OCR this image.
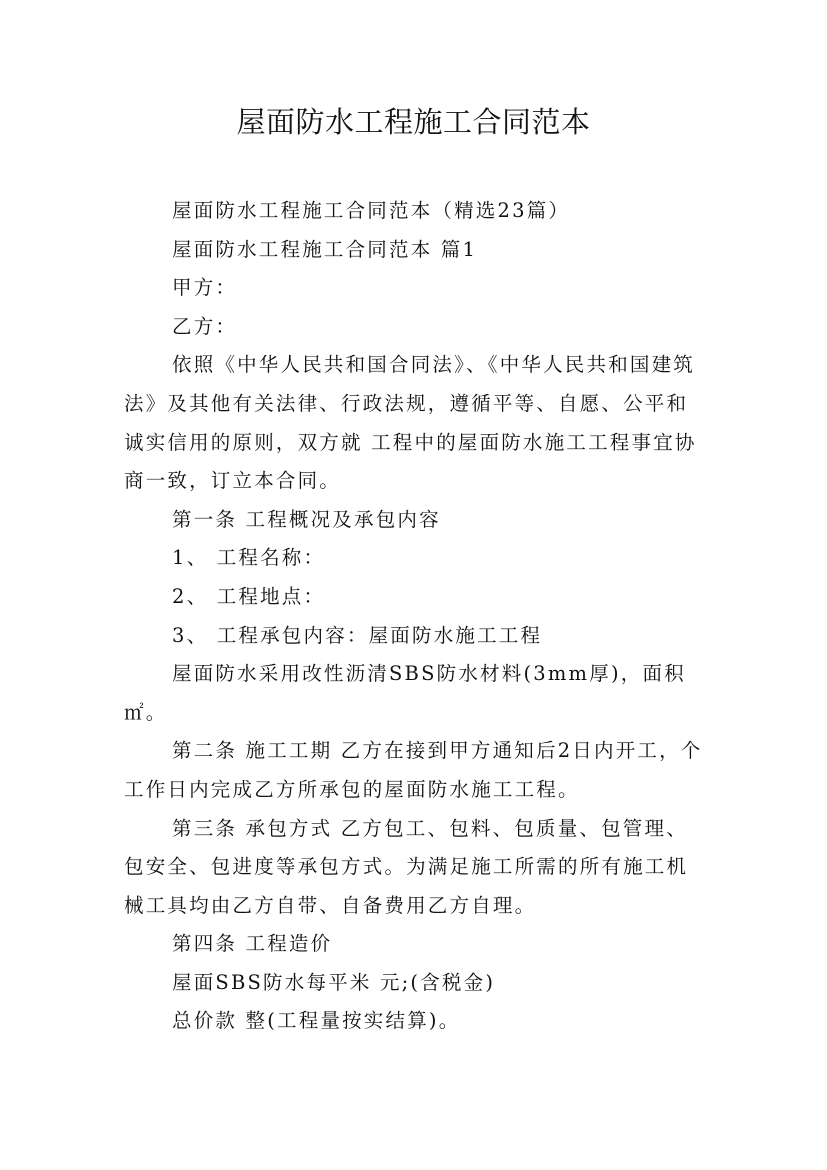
屋面防水工程施工合同范本

屋面防水工程施工合同范本（精选23篇）

屋面防水工程施工合同范本 篇1

甲方：

乙方：

依照《中华人民共和国合同法》、《中华人民共和国建筑法》及其他有关法律、行政法规，遵循平等、自愿、公平和诚实信用的原则，双方就 工程中的屋面防水施工工程事宜协商一致，订立本合同。

第一条 工程概况及承包内容

1、 工程名称：

2、 工程地点：

3、 工程承包内容：屋面防水施工工程

屋面防水采用改性沥清SBS防水材料(3mm厚)，面积 ㎡。

第二条 施工工期 乙方在接到甲方通知后2日内开工，个工作日内完成乙方所承包的屋面防水施工工程。

第三条 承包方式 乙方包工、包料、包质量、包管理、包安全、包进度等承包方式。为满足施工所需的所有施工机械工具均由乙方自带、自备费用乙方自理。

第四条 工程造价

屋面SBS防水每平米 元;(含税金)

总价款 整(工程量按实结算)。
